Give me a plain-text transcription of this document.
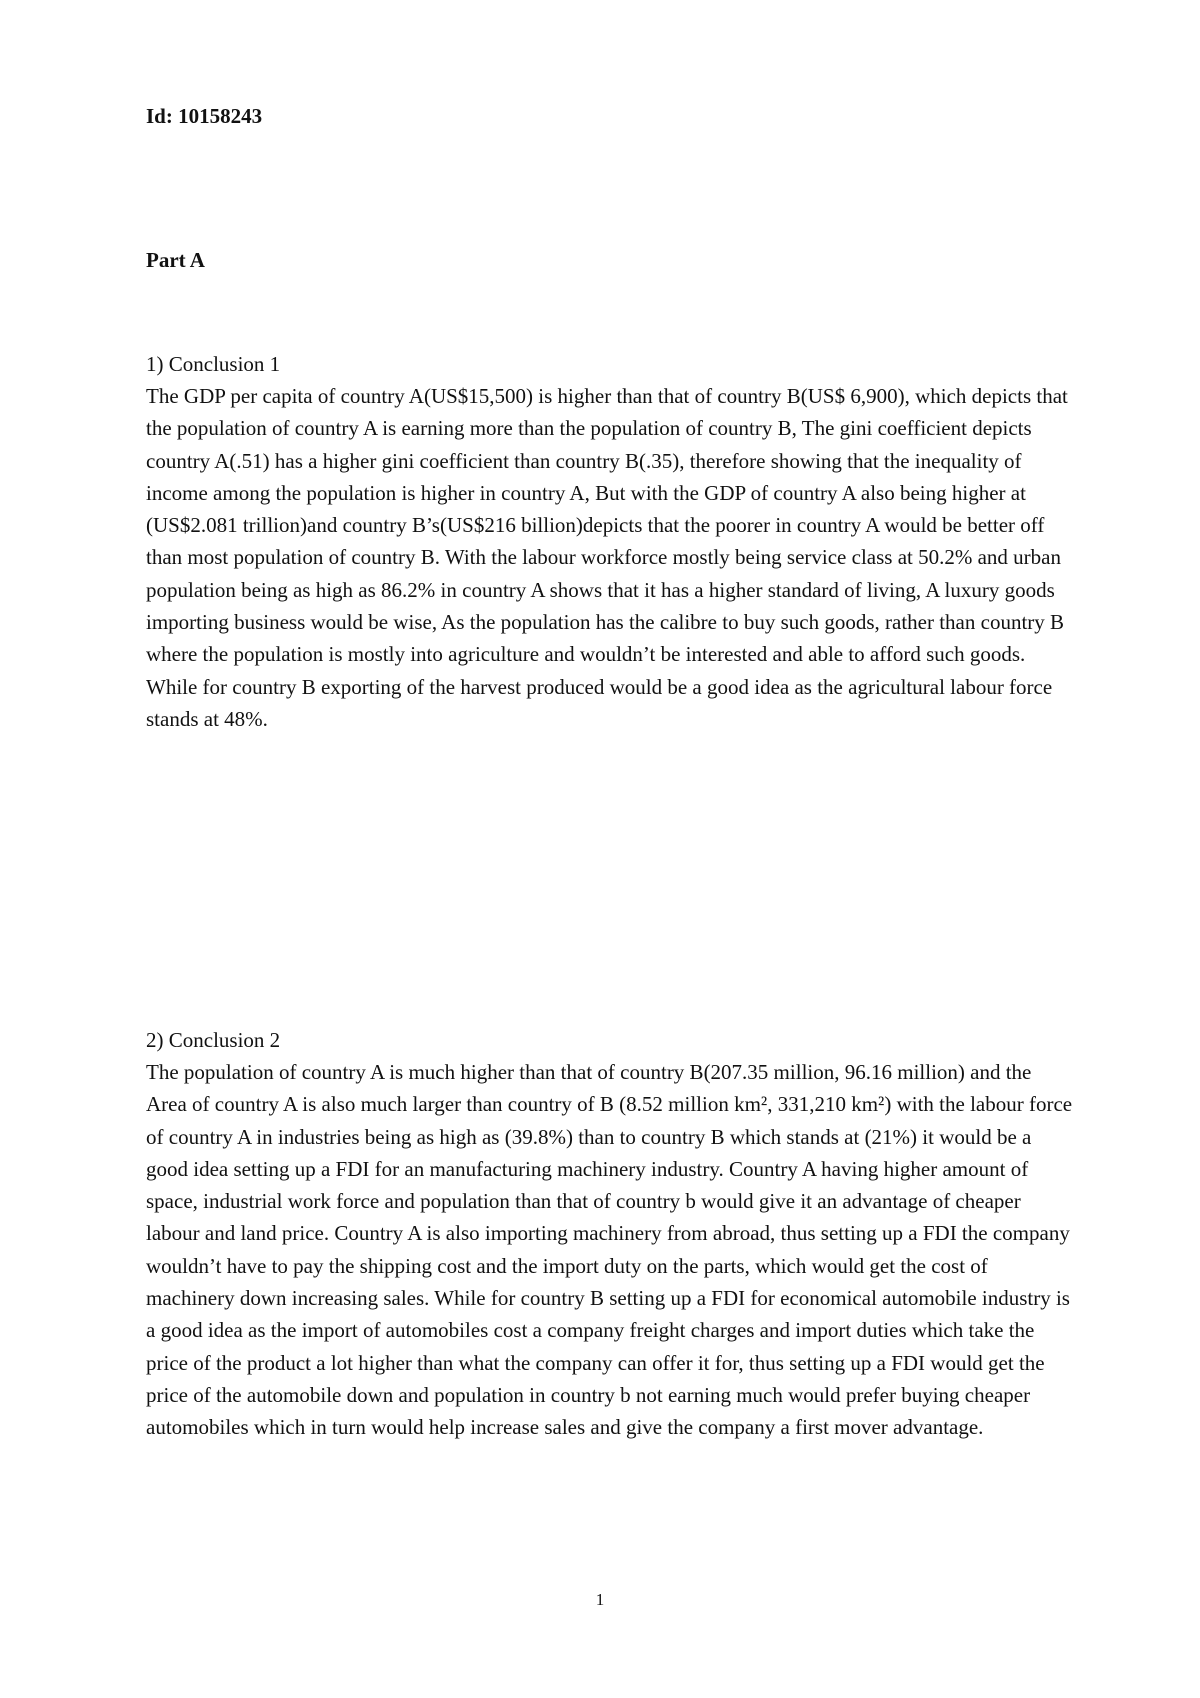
Id: 10158243

Part A

1) Conclusion 1

The GDP per capita of country A(US$15,500) is higher than that of country B(US$ 6,900), which depicts that the population of country A is earning more than the population of country B, The gini coefficient depicts country A(.51) has a higher gini coefficient than country B(.35), therefore showing that the inequality of income among the population is higher in country A, But with the GDP of country A also being higher at (US$2.081 trillion)and country B’s(US$216 billion)depicts that the poorer in country A would be better off than most population of country B. With the labour workforce mostly being service class at 50.2% and urban population being as high as 86.2% in country A shows that it has a higher standard of living, A luxury goods importing business would be wise, As the population has the calibre to buy such goods, rather than country B where the population is mostly into agriculture and wouldn’t be interested and able to afford such goods. While for country B exporting of the harvest produced would be a good idea as the agricultural labour force stands at 48%.

2) Conclusion 2

The population of country A is much higher than that of country B(207.35 million, 96.16 million) and the Area of country A is also much larger than country of B (8.52 million km², 331,210 km²) with the labour force of country A in industries being as high as (39.8%) than to country B which stands at (21%) it would be a good idea setting up a FDI for an manufacturing machinery industry. Country A having higher amount of space, industrial work force and population than that of country b would give it an advantage of cheaper labour and land price. Country A is also importing machinery from abroad, thus setting up a FDI the company wouldn’t have to pay the shipping cost and the import duty on the parts, which would get the cost of machinery down increasing sales. While for country B setting up a FDI for economical automobile industry is a good idea as the import of automobiles cost a company freight charges and import duties which take the price of the product a lot higher than what the company can offer it for, thus setting up a FDI would get the price of the automobile down and population in country b not earning much would prefer buying cheaper automobiles which in turn would help increase sales and give the company a first mover advantage.

1
